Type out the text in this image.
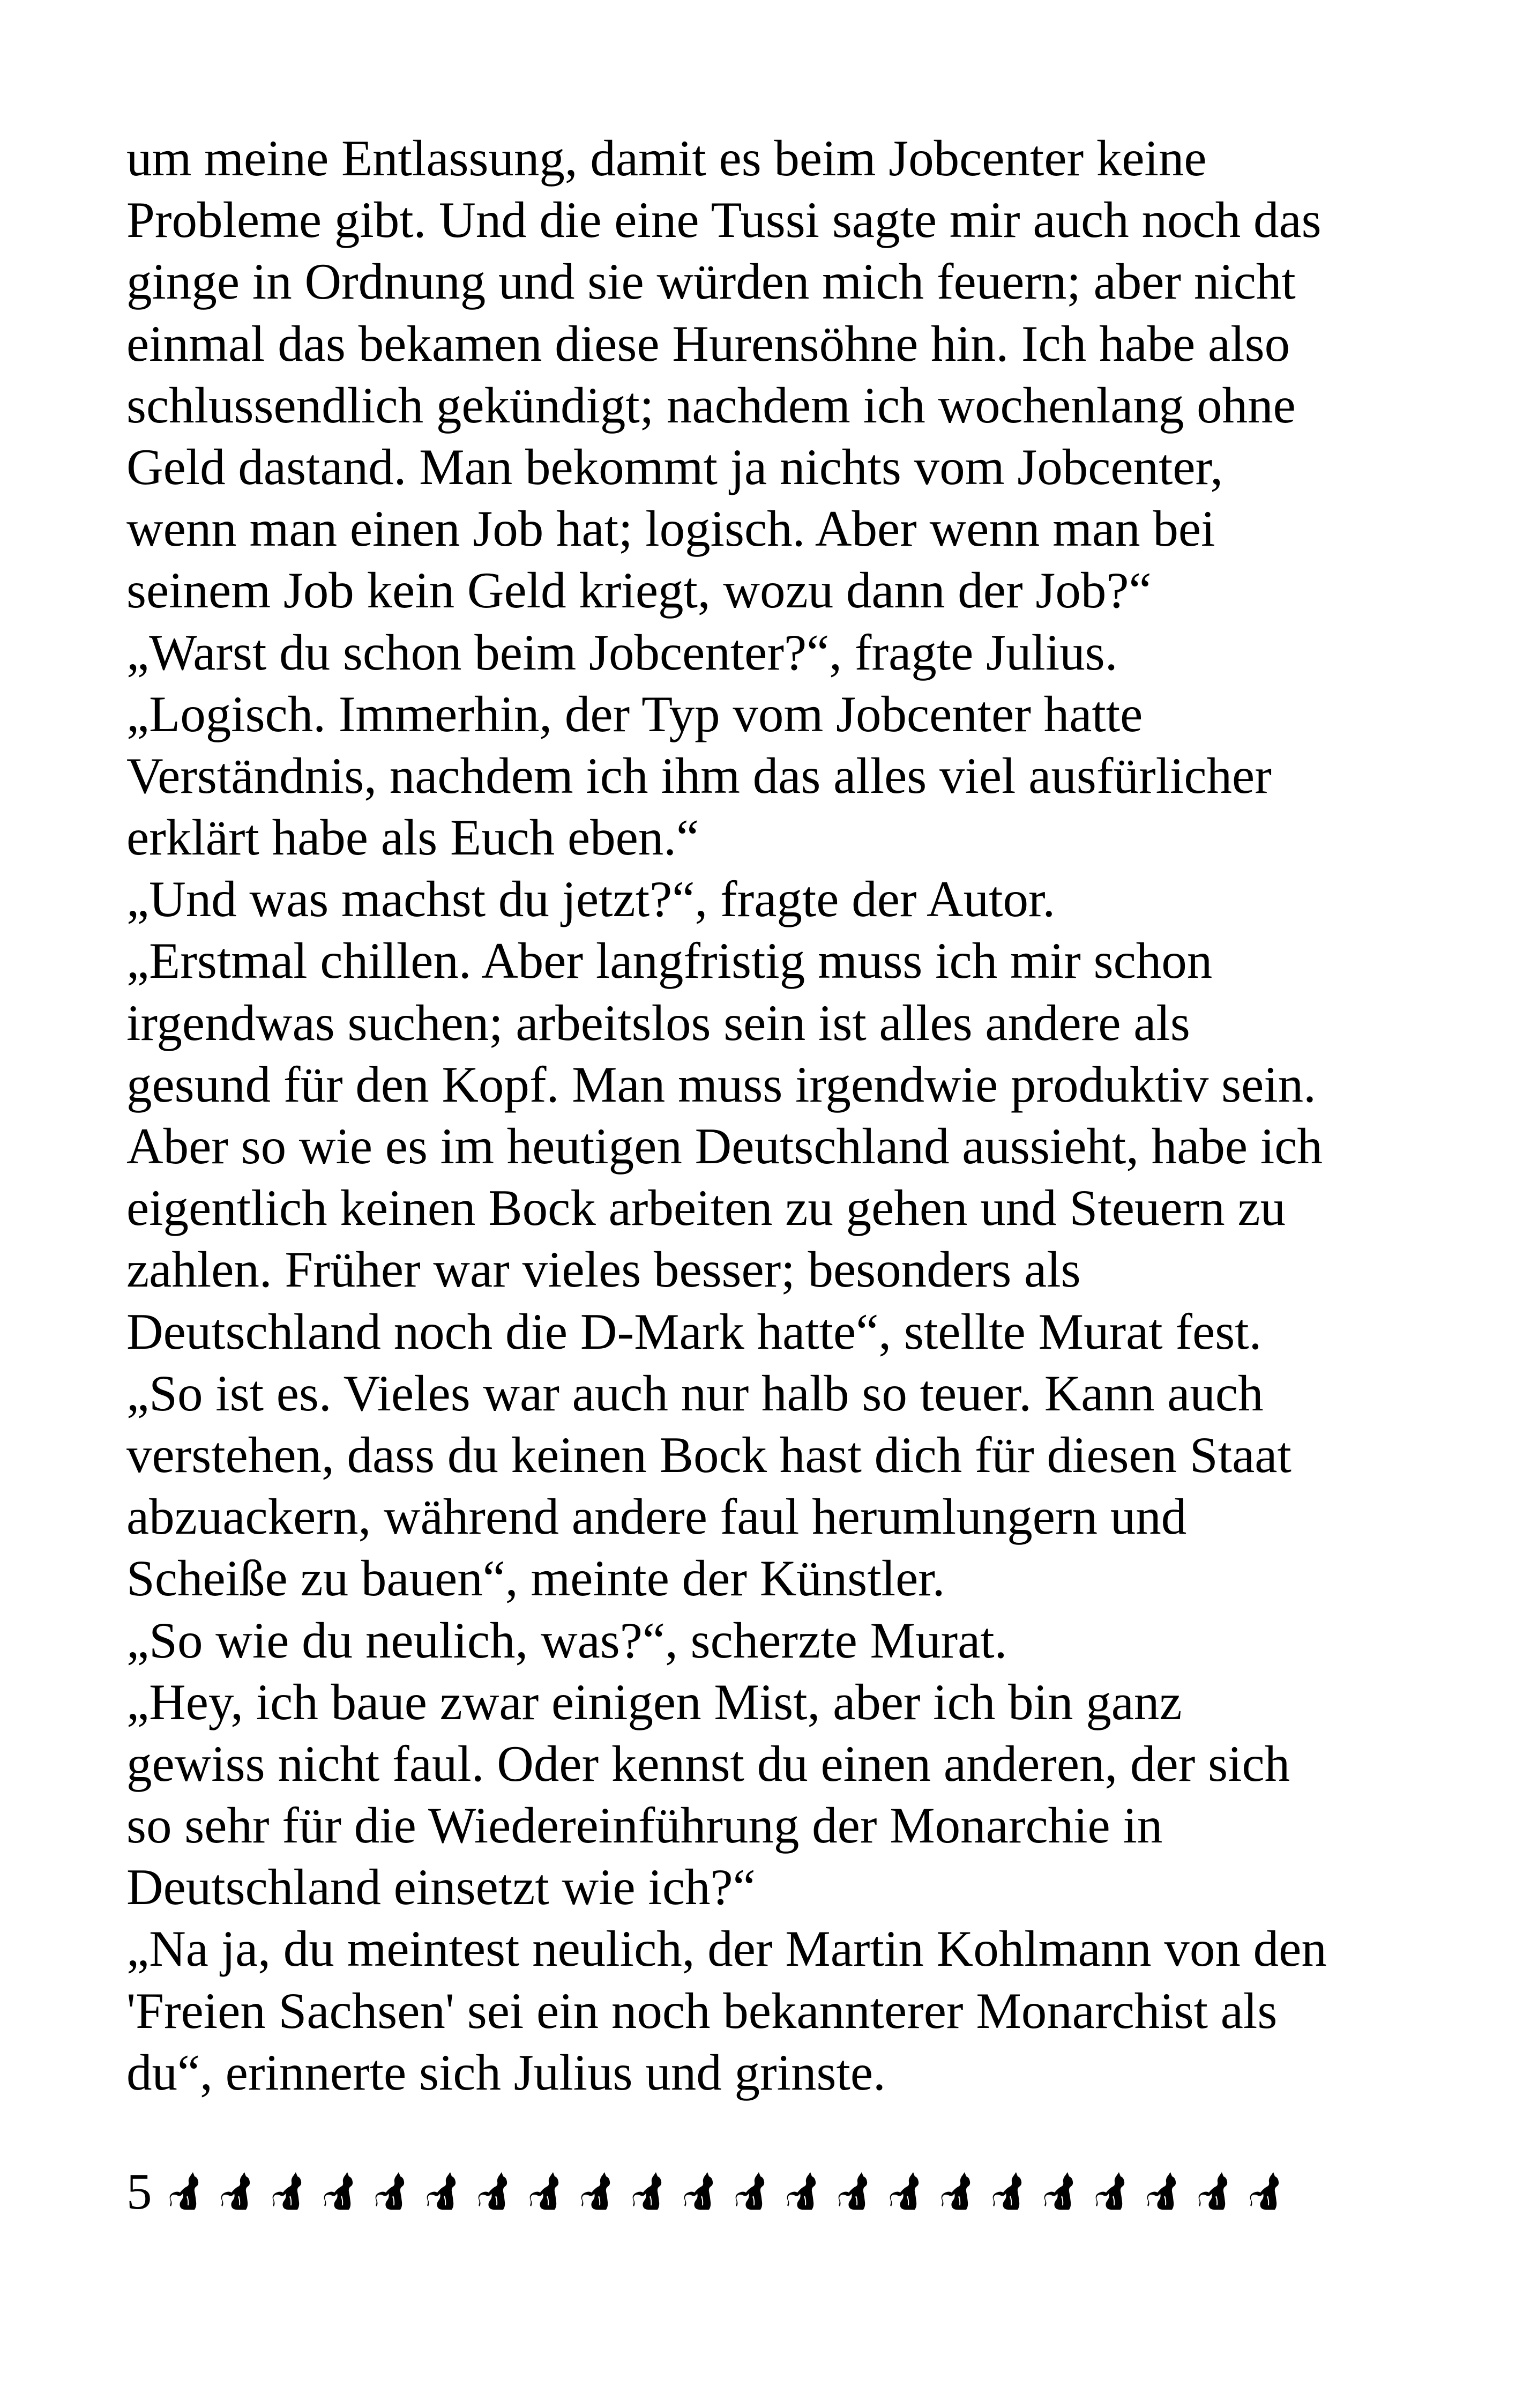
um meine Entlassung, damit es beim Jobcenter keine
Probleme gibt. Und die eine Tussi sagte mir auch noch das
ginge in Ordnung und sie würden mich feuern; aber nicht
einmal das bekamen diese Hurensöhne hin. Ich habe also
schlussendlich gekündigt; nachdem ich wochenlang ohne
Geld dastand. Man bekommt ja nichts vom Jobcenter,
wenn man einen Job hat; logisch. Aber wenn man bei
seinem Job kein Geld kriegt, wozu dann der Job?“
„Warst du schon beim Jobcenter?“, fragte Julius.
„Logisch. Immerhin, der Typ vom Jobcenter hatte
Verständnis, nachdem ich ihm das alles viel ausfürlicher
erklärt habe als Euch eben.“
„Und was machst du jetzt?“, fragte der Autor.
„Erstmal chillen. Aber langfristig muss ich mir schon
irgendwas suchen; arbeitslos sein ist alles andere als
gesund für den Kopf. Man muss irgendwie produktiv sein.
Aber so wie es im heutigen Deutschland aussieht, habe ich
eigentlich keinen Bock arbeiten zu gehen und Steuern zu
zahlen. Früher war vieles besser; besonders als
Deutschland noch die D-Mark hatte“, stellte Murat fest.
„So ist es. Vieles war auch nur halb so teuer. Kann auch
verstehen, dass du keinen Bock hast dich für diesen Staat
abzuackern, während andere faul herumlungern und
Scheiße zu bauen“, meinte der Künstler.
„So wie du neulich, was?“, scherzte Murat.
„Hey, ich baue zwar einigen Mist, aber ich bin ganz
gewiss nicht faul. Oder kennst du einen anderen, der sich
so sehr für die Wiedereinführung der Monarchie in
Deutschland einsetzt wie ich?“
„Na ja, du meintest neulich, der Martin Kohlmann von den
'Freien Sachsen' sei ein noch bekannterer Monarchist als
du“, erinnerte sich Julius und grinste.
5
